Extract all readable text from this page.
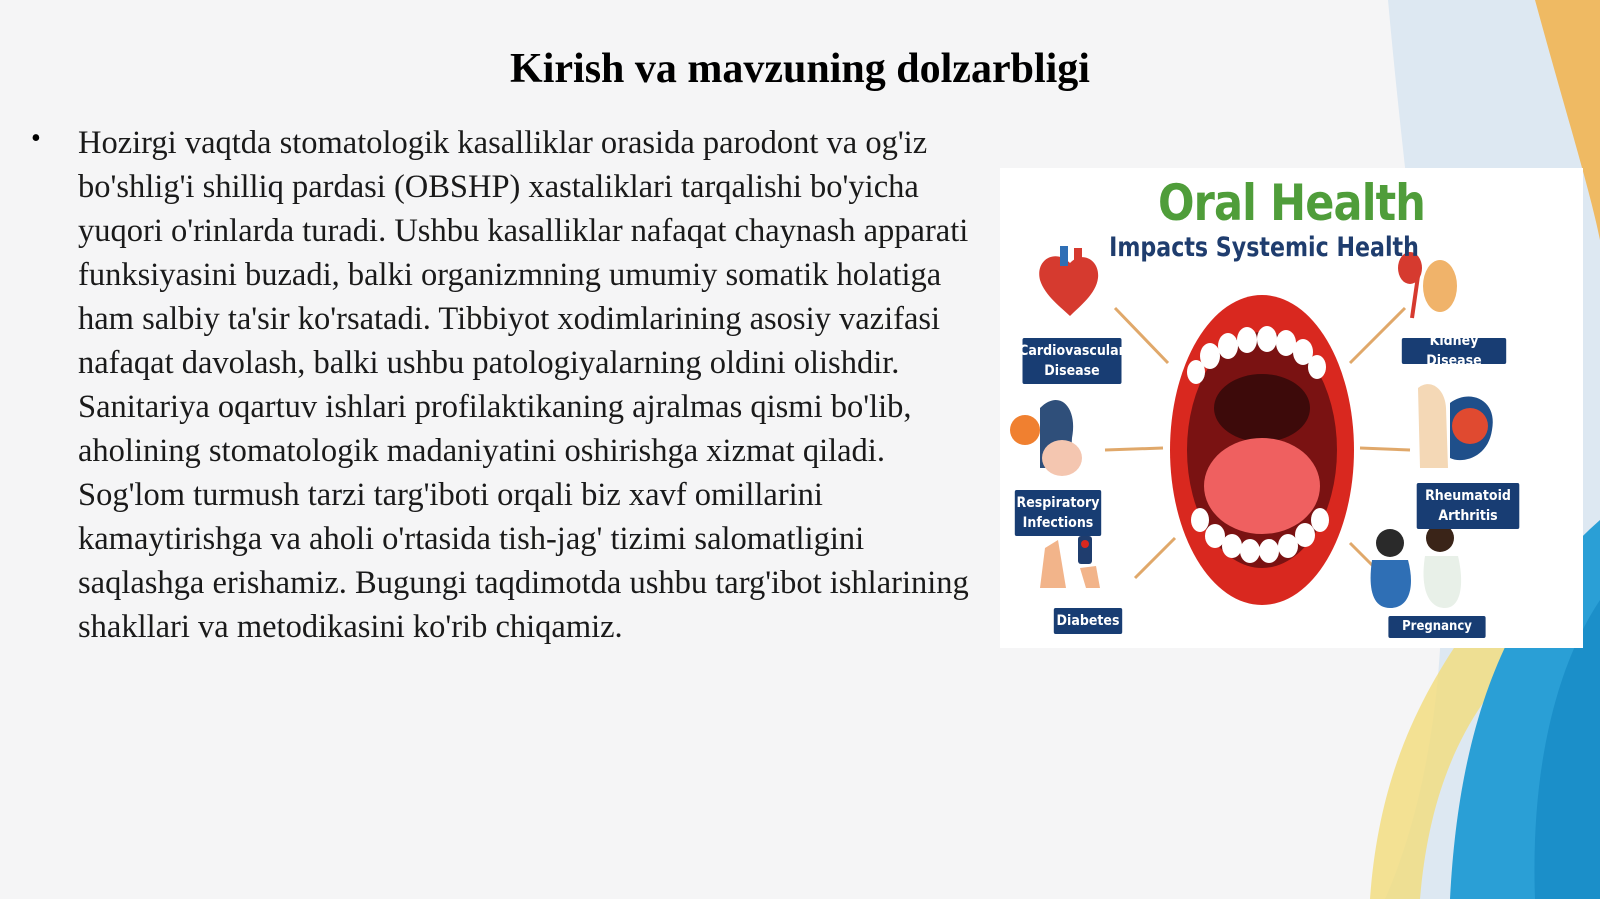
Kirish va mavzuning dolzarbligi
• Hozirgi vaqtda stomatologik kasalliklar orasida parodont va og'iz bo'shlig'i shilliq pardasi (OBSHP) xastaliklari tarqalishi bo'yicha yuqori o'rinlarda turadi. Ushbu kasalliklar nafaqat chaynash apparati funksiyasini buzadi, balki organizmning umumiy somatik holatiga ham salbiy ta'sir ko'rsatadi. Tibbiyot xodimlarining asosiy vazifasi nafaqat davolash, balki ushbu patologiyalarning oldini olishdir. Sanitariya oqartuv ishlari profilaktikaning ajralmas qismi bo'lib, aholining stomatologik madaniyatini oshirishga xizmat qiladi. Sog'lom turmush tarzi targ'iboti orqali biz xavf omillarini kamaytirishga va aholi o'rtasida tish-jag' tizimi salomatligini saqlashga erishamiz. Bugungi taqdimotda ushbu targ'ibot ishlarining shakllari va metodikasini ko'rib chiqamiz.

Oral Health
Impacts Systemic Health
Cardiovascular Disease
Kidney Disease
Respiratory Infections
Rheumatoid Arthritis
Diabetes	Pregnancy
